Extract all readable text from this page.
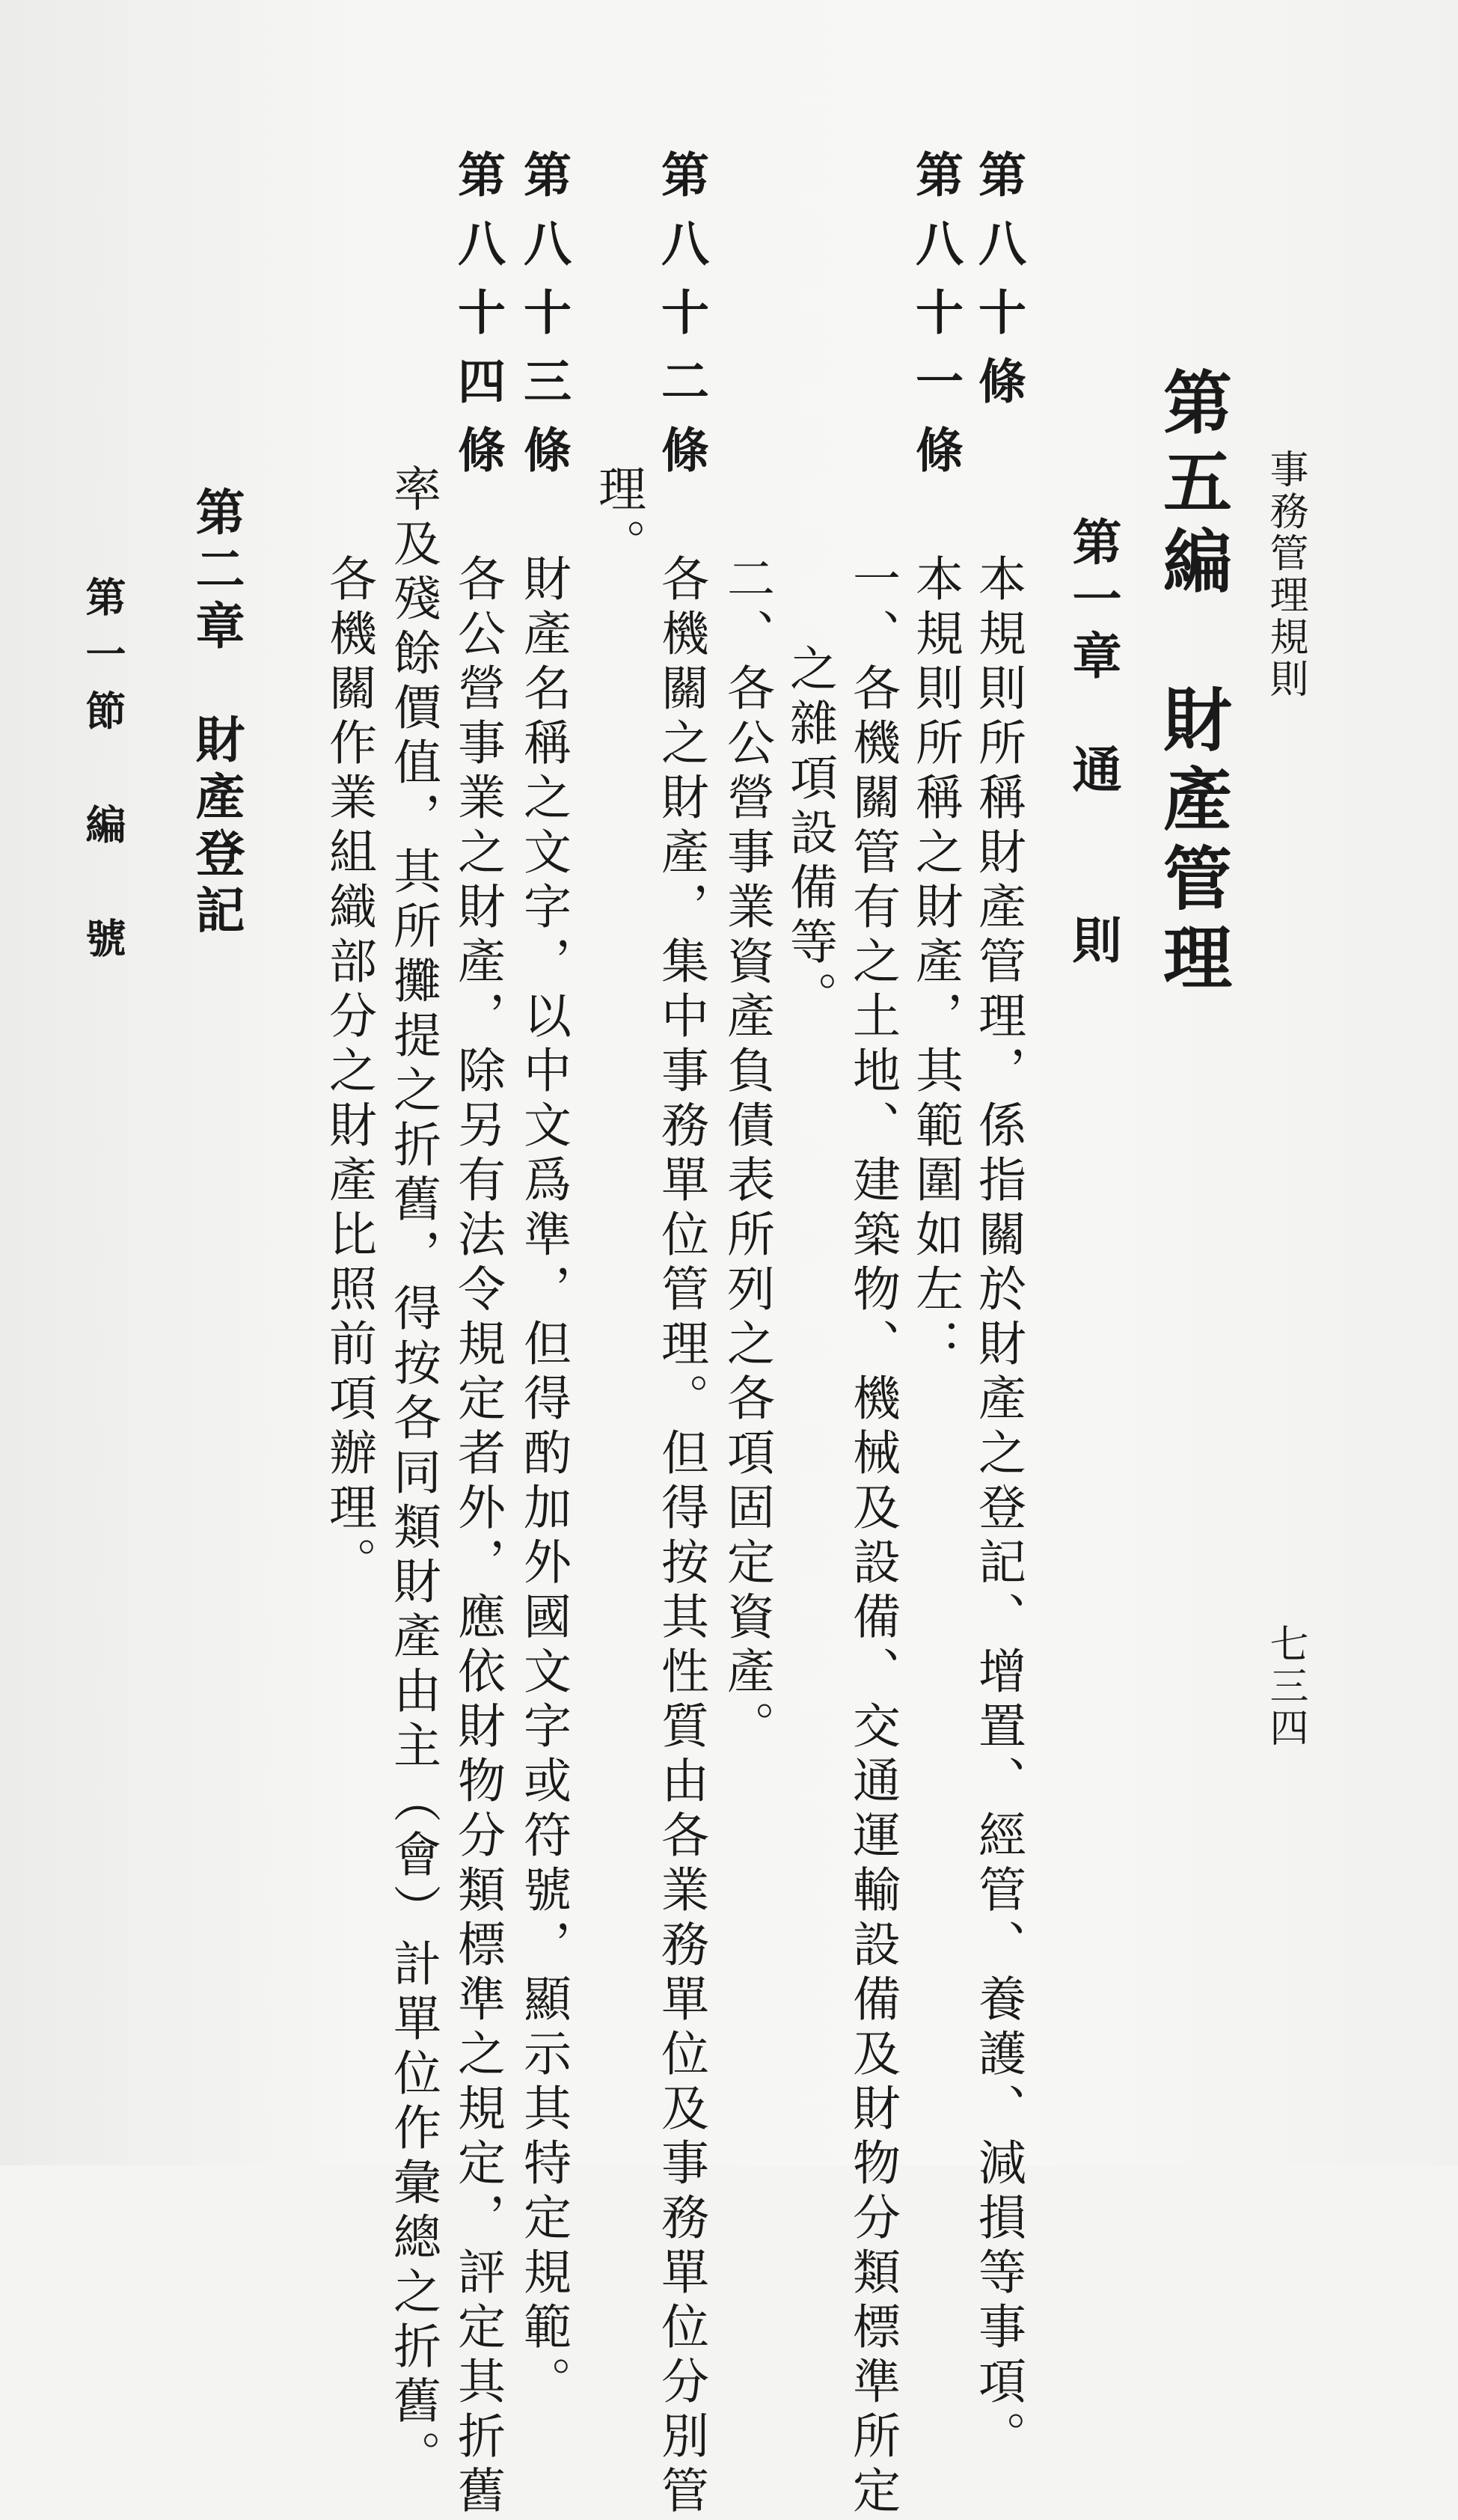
事務管理規則
七三四
第五編　財產管理
第一章　通　　則
第八十條
本規則所稱財產管理，係指關於財產之登記、增置、經管、養護、減損等事項。
第八十一條
本規則所稱之財產，其範圍如左：
一、各機關管有之土地、建築物、機械及設備、交通運輸設備及財物分類標準所定
之雜項設備等。
二、各公營事業資產負債表所列之各項固定資產。
第八十二條
各機關之財產，集中事務單位管理。但得按其性質由各業務單位及事務單位分別管
理。
第八十三條
財產名稱之文字，以中文爲準，但得酌加外國文字或符號，顯示其特定規範。
第八十四條
各公營事業之財產，除另有法令規定者外，應依財物分類標準之規定，評定其折舊
率及殘餘價值，其所攤提之折舊，得按各同類財產由主（會）計單位作彙總之折舊。
各機關作業組織部分之財產比照前項辦理。
第二章　財產登記
第一節　編　號
